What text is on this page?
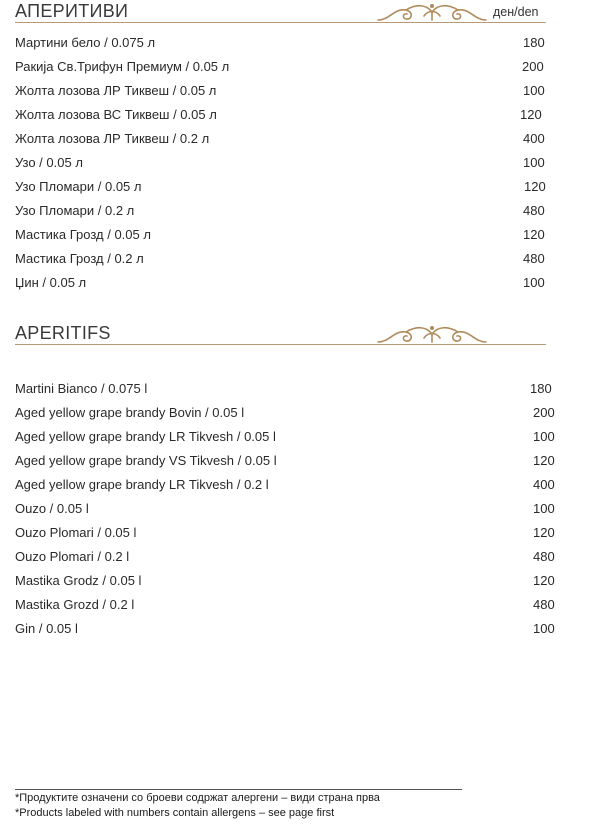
АПЕРИТИВИ	ден/den
Мартини бело / 0.075 л	180
Ракија Св.Трифун Премиум / 0.05 л	200
Жолта лозова ЛР Тиквеш / 0.05 л	100
Жолта лозова ВС Тиквеш / 0.05 л	120
Жолта лозова ЛР Тиквеш / 0.2 л	400
Узо / 0.05 л	100
Узо Пломари / 0.05 л	120
Узо Пломари / 0.2 л	480
Мастика Грозд / 0.05 л	120
Мастика Грозд / 0.2 л	480
Џин / 0.05 л	100
APERITIFS
Martini Bianco / 0.075 l	180
Aged yellow grape brandy Bovin / 0.05 l	200
Aged yellow grape brandy LR Tikvesh / 0.05 l	100
Aged yellow grape brandy VS Tikvesh / 0.05 l	120
Aged yellow grape brandy LR Tikvesh / 0.2 l	400
Ouzo / 0.05 l	100
Ouzo Plomari / 0.05 l	120
Ouzo Plomari / 0.2 l	480
Mastika Grodz / 0.05 l	120
Mastika Grozd / 0.2 l	480
Gin / 0.05 l	100

*Продуктите означени со броеви содржат алергени – види страна прва

*Products labeled with numbers contain allergens – see page first
